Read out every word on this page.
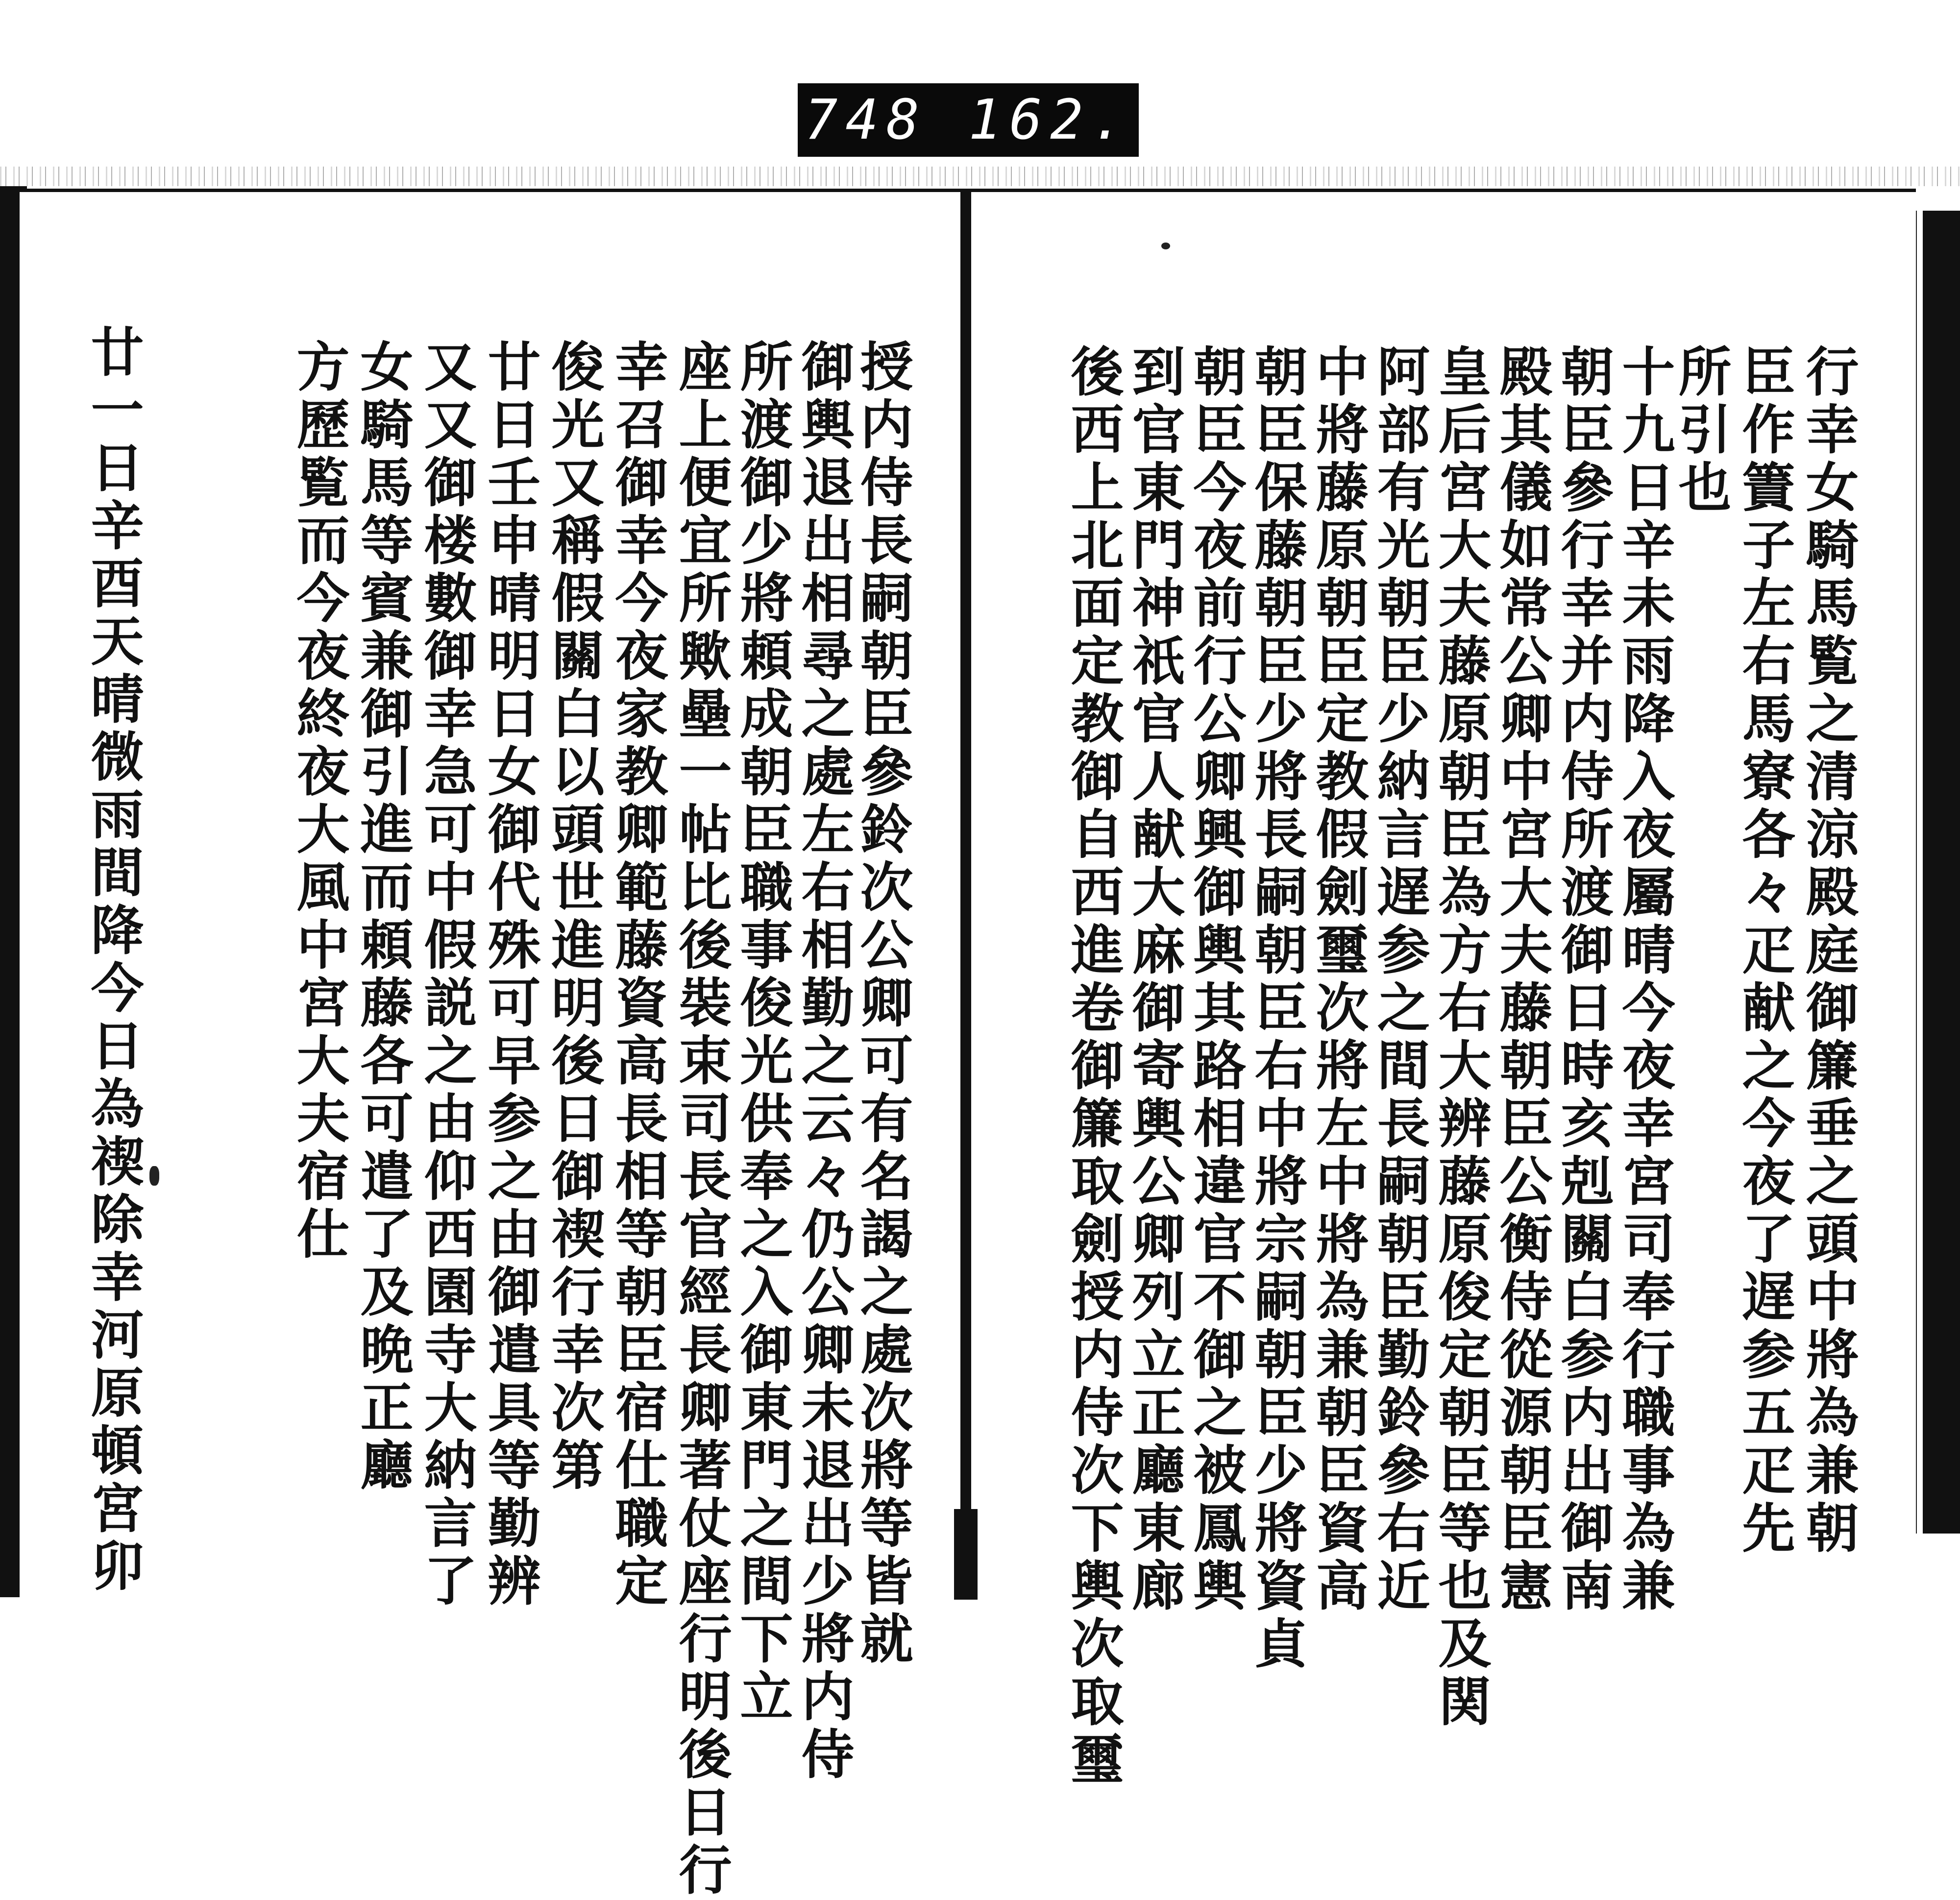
748 162.
授内侍長嗣朝臣參鈴次公卿可有名謁之處次將等皆就
御輿退出相尋之處左右相勤之云々仍公卿未退出少將内侍
所渡御少將頼成朝臣職事俊光供奉之入御東門之間下立
座上便宜所歟壘一帖比後裝束司長官經長卿著仗座行明後日行
幸召御幸今夜家教卿範藤資高長相等朝臣宿仕職定
俊光又稱假關白以頭世進明後日御禊行幸次第
廿日壬申晴明日女御代殊可早参之由御遣具等勤辨
又又御楼數御幸急可中假説之由仰西園寺大納言了
女騎馬等賓兼御引進而頼藤各可遣了及晩正廳
方歷覧而今夜終夜大風中宮大夫宿仕
廿一日辛酉天晴微雨間降今日為禊除幸河原頓宮卯	行幸女騎馬覧之清涼殿庭御簾垂之頭中將為兼朝
臣作簀子左右馬寮各々疋献之今夜了遅参五疋先
所引也
十九日辛未雨降入夜屬晴今夜幸宮司奉行職事為兼
朝臣參行幸并内侍所渡御日時亥剋關白参内出御南
殿其儀如常公卿中宮大夫藤朝臣公衡侍從源朝臣憲
皇后宮大夫藤原朝臣為方右大辨藤原俊定朝臣等也及関
阿部有光朝臣少納言遅参之間長嗣朝臣勤鈴參右近
中將藤原朝臣定教假劍璽次將左中將為兼朝臣資高
朝臣保藤朝臣少將長嗣朝臣右中將宗嗣朝臣少將資貞
朝臣今夜前行公卿興御輿其路相違官不御之被鳳輿
到官東門神祇官人献大麻御寄輿公卿列立正廳東廊
後西上北面定教御自西進卷御簾取劍授内侍次下輿次取璽
